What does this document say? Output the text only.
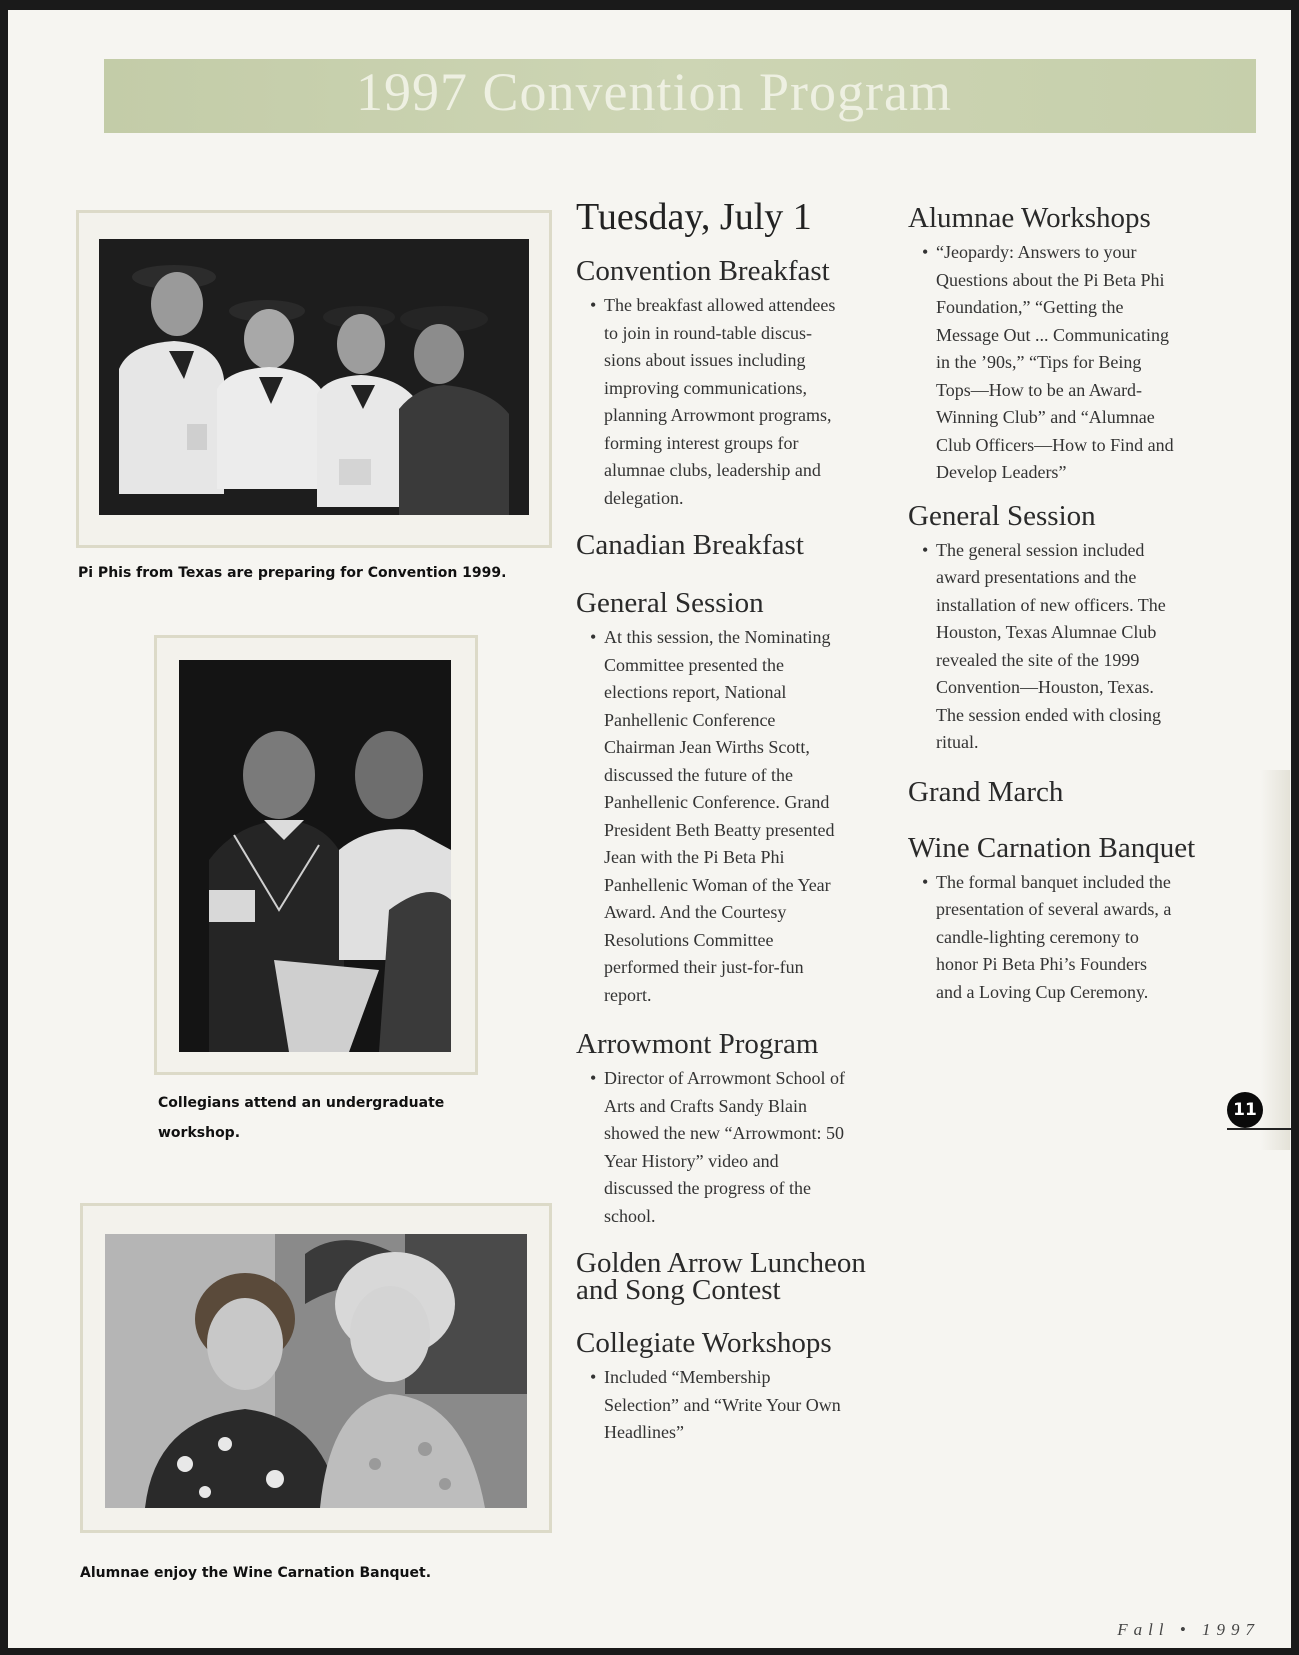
1997 Convention Program
Pi Phis from Texas are preparing for Convention 1999.
Collegians attend an undergraduate
workshop.
Alumnae enjoy the Wine Carnation Banquet.
Tuesday, July 1
Convention Breakfast
• The breakfast allowed attendees
to join in round-table discus-
sions about issues including
improving communications,
planning Arrowmont programs,
forming interest groups for
alumnae clubs, leadership and
delegation.
Canadian Breakfast
General Session
• At this session, the Nominating
Committee presented the
elections report, National
Panhellenic Conference
Chairman Jean Wirths Scott,
discussed the future of the
Panhellenic Conference. Grand
President Beth Beatty presented
Jean with the Pi Beta Phi
Panhellenic Woman of the Year
Award. And the Courtesy
Resolutions Committee
performed their just-for-fun
report.
Arrowmont Program
• Director of Arrowmont School of
Arts and Crafts Sandy Blain
showed the new “Arrowmont: 50
Year History” video and
discussed the progress of the
school.
Golden Arrow Luncheon
and Song Contest
Collegiate Workshops
• Included “Membership
Selection” and “Write Your Own
Headlines”
Alumnae Workshops
• “Jeopardy: Answers to your
Questions about the Pi Beta Phi
Foundation,” “Getting the
Message Out ... Communicating
in the ’90s,” “Tips for Being
Tops—How to be an Award-
Winning Club” and “Alumnae
Club Officers—How to Find and
Develop Leaders”
General Session
• The general session included
award presentations and the
installation of new officers. The
Houston, Texas Alumnae Club
revealed the site of the 1999
Convention—Houston, Texas.
The session ended with closing
ritual.
Grand March
Wine Carnation Banquet
• The formal banquet included the
presentation of several awards, a
candle-lighting ceremony to
honor Pi Beta Phi’s Founders
and a Loving Cup Ceremony.
11
Fall • 1997
